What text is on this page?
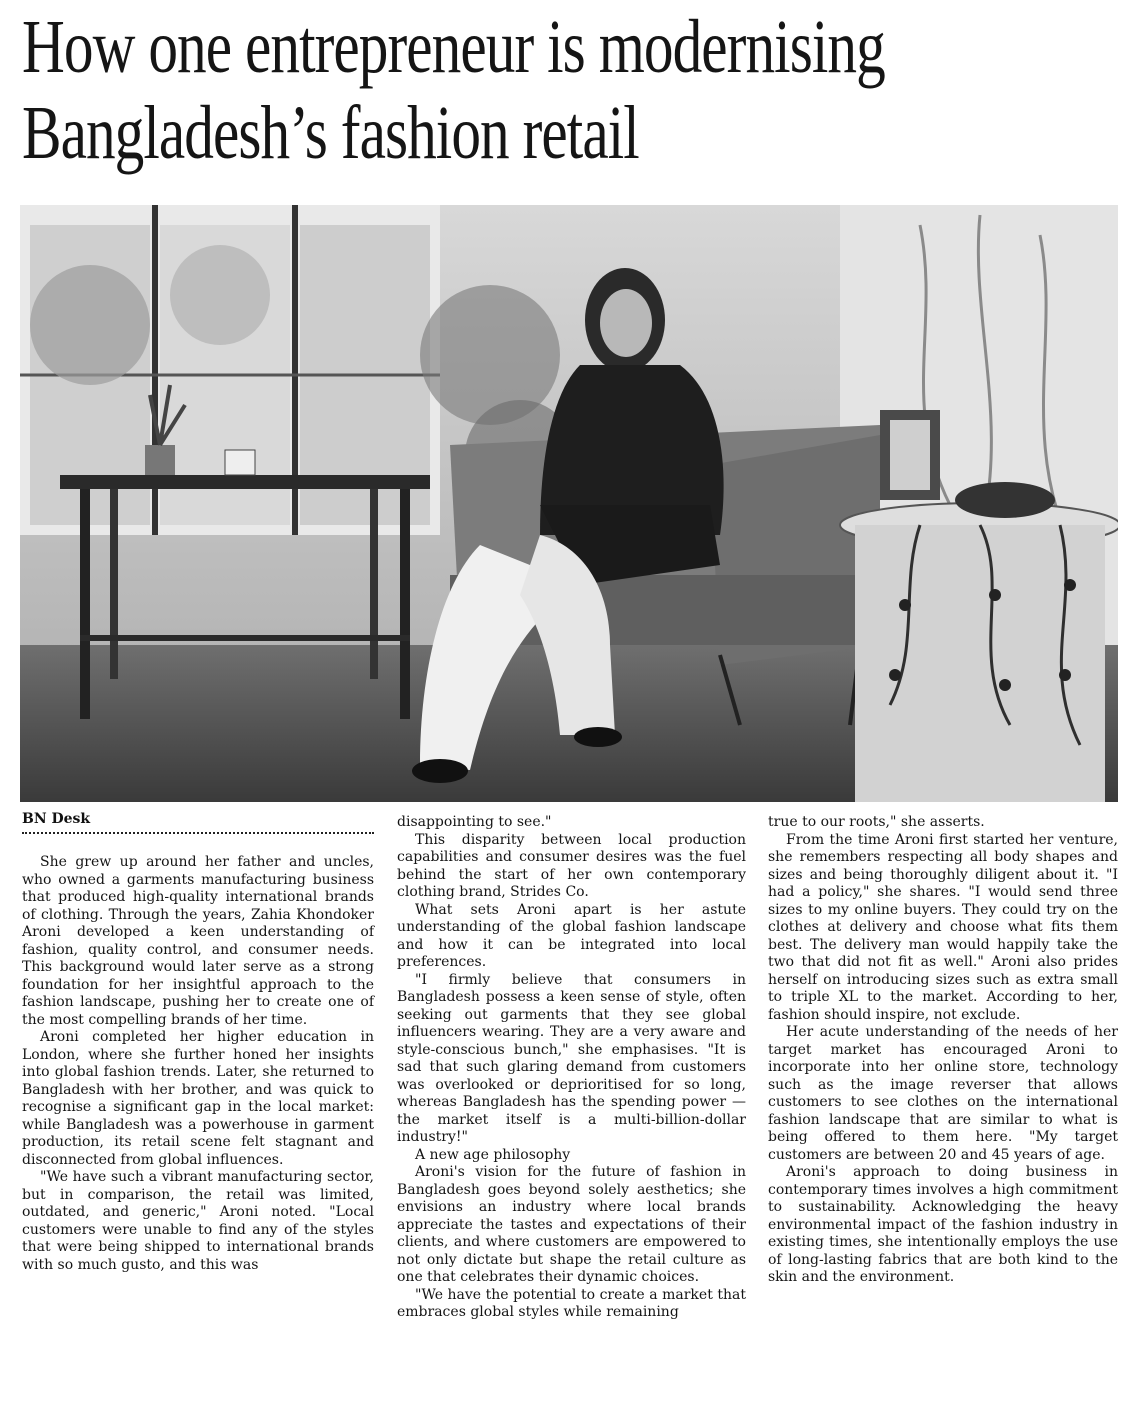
How one entrepreneur is modernising
Bangladesh’s fashion retail
BN Desk

She grew up around her father and uncles, who owned a garments manufacturing business that produced high-quality international brands of clothing. Through the years, Zahia Khondoker Aroni developed a keen understanding of fashion, quality control, and consumer needs. This background would later serve as a strong foundation for her insightful approach to the fashion landscape, pushing her to create one of the most compelling brands of her time.

Aroni completed her higher education in London, where she further honed her insights into global fashion trends. Later, she returned to Bangladesh with her brother, and was quick to recognise a significant gap in the local market: while Bangladesh was a powerhouse in garment production, its retail scene felt stagnant and disconnected from global influences.

"We have such a vibrant manufacturing sector, but in comparison, the retail was limited, outdated, and generic," Aroni noted. "Local customers were unable to find any of the styles that were being shipped to international brands with so much gusto, and this was

disappointing to see."

This disparity between local production capabilities and consumer desires was the fuel behind the start of her own contemporary clothing brand, Strides Co.

What sets Aroni apart is her astute understanding of the global fashion landscape and how it can be integrated into local preferences.

"I firmly believe that consumers in Bangladesh possess a keen sense of style, often seeking out garments that they see global influencers wearing. They are a very aware and style-conscious bunch," she emphasises. "It is sad that such glaring demand from customers was overlooked or deprioritised for so long, whereas Bangladesh has the spending power — the market itself is a multi-billion-dollar industry!"

A new age philosophy

Aroni's vision for the future of fashion in Bangladesh goes beyond solely aesthetics; she envisions an industry where local brands appreciate the tastes and expectations of their clients, and where customers are empowered to not only dictate but shape the retail culture as one that celebrates their dynamic choices.

"We have the potential to create a market that embraces global styles while remaining

true to our roots," she asserts.

From the time Aroni first started her venture, she remembers respecting all body shapes and sizes and being thoroughly diligent about it. "I had a policy," she shares. "I would send three sizes to my online buyers. They could try on the clothes at delivery and choose what fits them best. The delivery man would happily take the two that did not fit as well." Aroni also prides herself on introducing sizes such as extra small to triple XL to the market. According to her, fashion should inspire, not exclude.

Her acute understanding of the needs of her target market has encouraged Aroni to incorporate into her online store, technology such as the image reverser that allows customers to see clothes on the international fashion landscape that are similar to what is being offered to them here. "My target customers are between 20 and 45 years of age.

Aroni's approach to doing business in contemporary times involves a high commitment to sustainability. Acknowledging the heavy environmental impact of the fashion industry in existing times, she intentionally employs the use of long-lasting fabrics that are both kind to the skin and the environment.
